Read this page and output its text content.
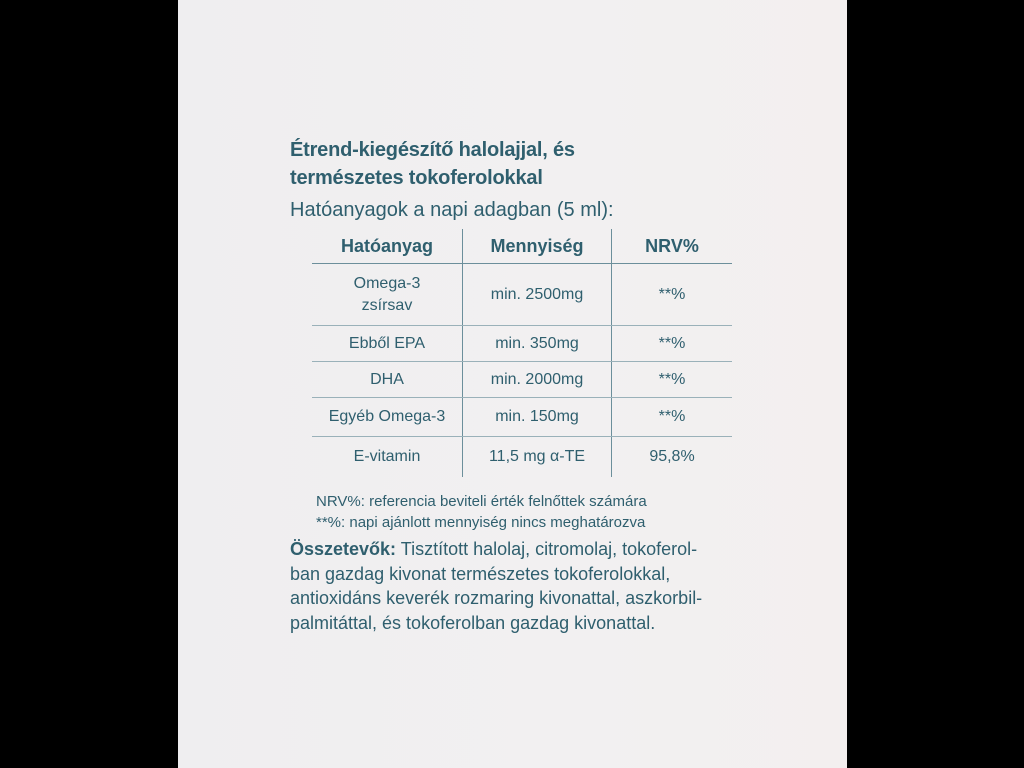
Étrend-kiegészítő halolajjal, és
természetes tokoferolokkal
Hatóanyagok a napi adagban (5 ml):
Hatóanyag	Mennyiség	NRV%

Omega-3
zsírsav	min. 2500mg	**%
Ebből EPA	min. 350mg	**%
DHA	min. 2000mg	**%
Egyéb Omega-3	min. 150mg	**%
E-vitamin	11,5 mg α-TE	95,8%
NRV%: referencia beviteli érték felnőttek számára
**%: napi ajánlott mennyiség nincs meghatározva
Összetevők: Tisztított halolaj, citromolaj, tokoferol-
ban gazdag kivonat természetes tokoferolokkal,
antioxidáns keverék rozmaring kivonattal, aszkorbil-
palmitáttal, és tokoferolban gazdag kivonattal.
